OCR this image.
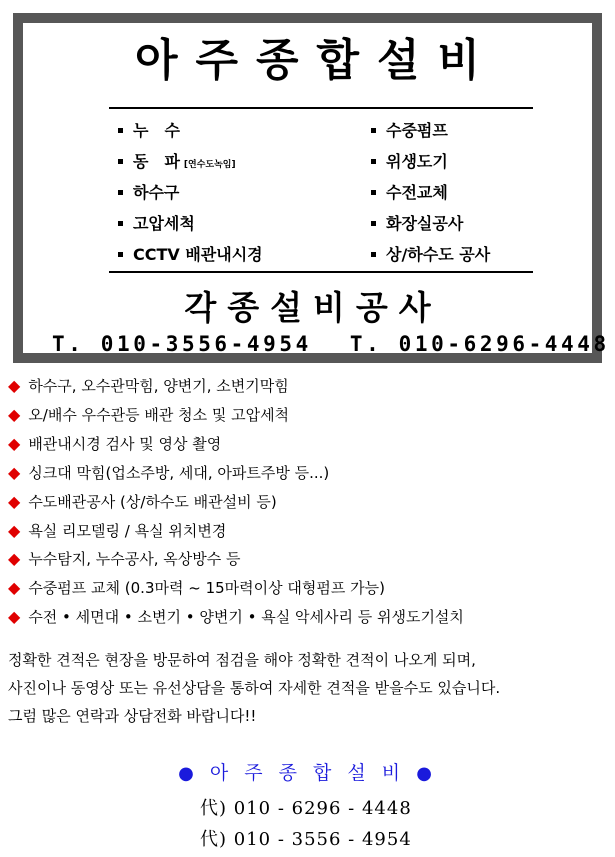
아주종합설비
누　수
동　파 [연수도녹임]
하수구
고압세척
CCTV 배관내시경
수중펌프
위생도기
수전교체
화장실공사
상/하수도 공사
각종설비공사
T. 010-3556-4954 T. 010-6296-4448
◆ 하수구, 오수관막힘, 양변기, 소변기막힘
◆ 오/배수 우수관등 배관 청소 및 고압세척
◆ 배관내시경 검사 및 영상 촬영
◆ 싱크대 막힘(업소주방, 세대, 아파트주방 등...)
◆ 수도배관공사 (상/하수도 배관설비 등)
◆ 욕실 리모델링 / 욕실 위치변경
◆ 누수탐지, 누수공사, 옥상방수 등
◆ 수중펌프 교체 (0.3마력 ~ 15마력이상 대형펌프 가능)
◆ 수전 • 세면대 • 소변기 • 양변기 • 욕실 악세사리 등 위생도기설치

정확한 견적은 현장을 방문하여 점검을 해야 정확한 견적이 나오게 되며,

사진이나 동영상 또는 유선상담을 통하여 자세한 견적을 받을수도 있습니다.

그럼 많은 연락과 상담전화 바랍니다!!

● 아 주 종 합 설 비 ●
代) 010 - 6296 - 4448
代) 010 - 3556 - 4954
